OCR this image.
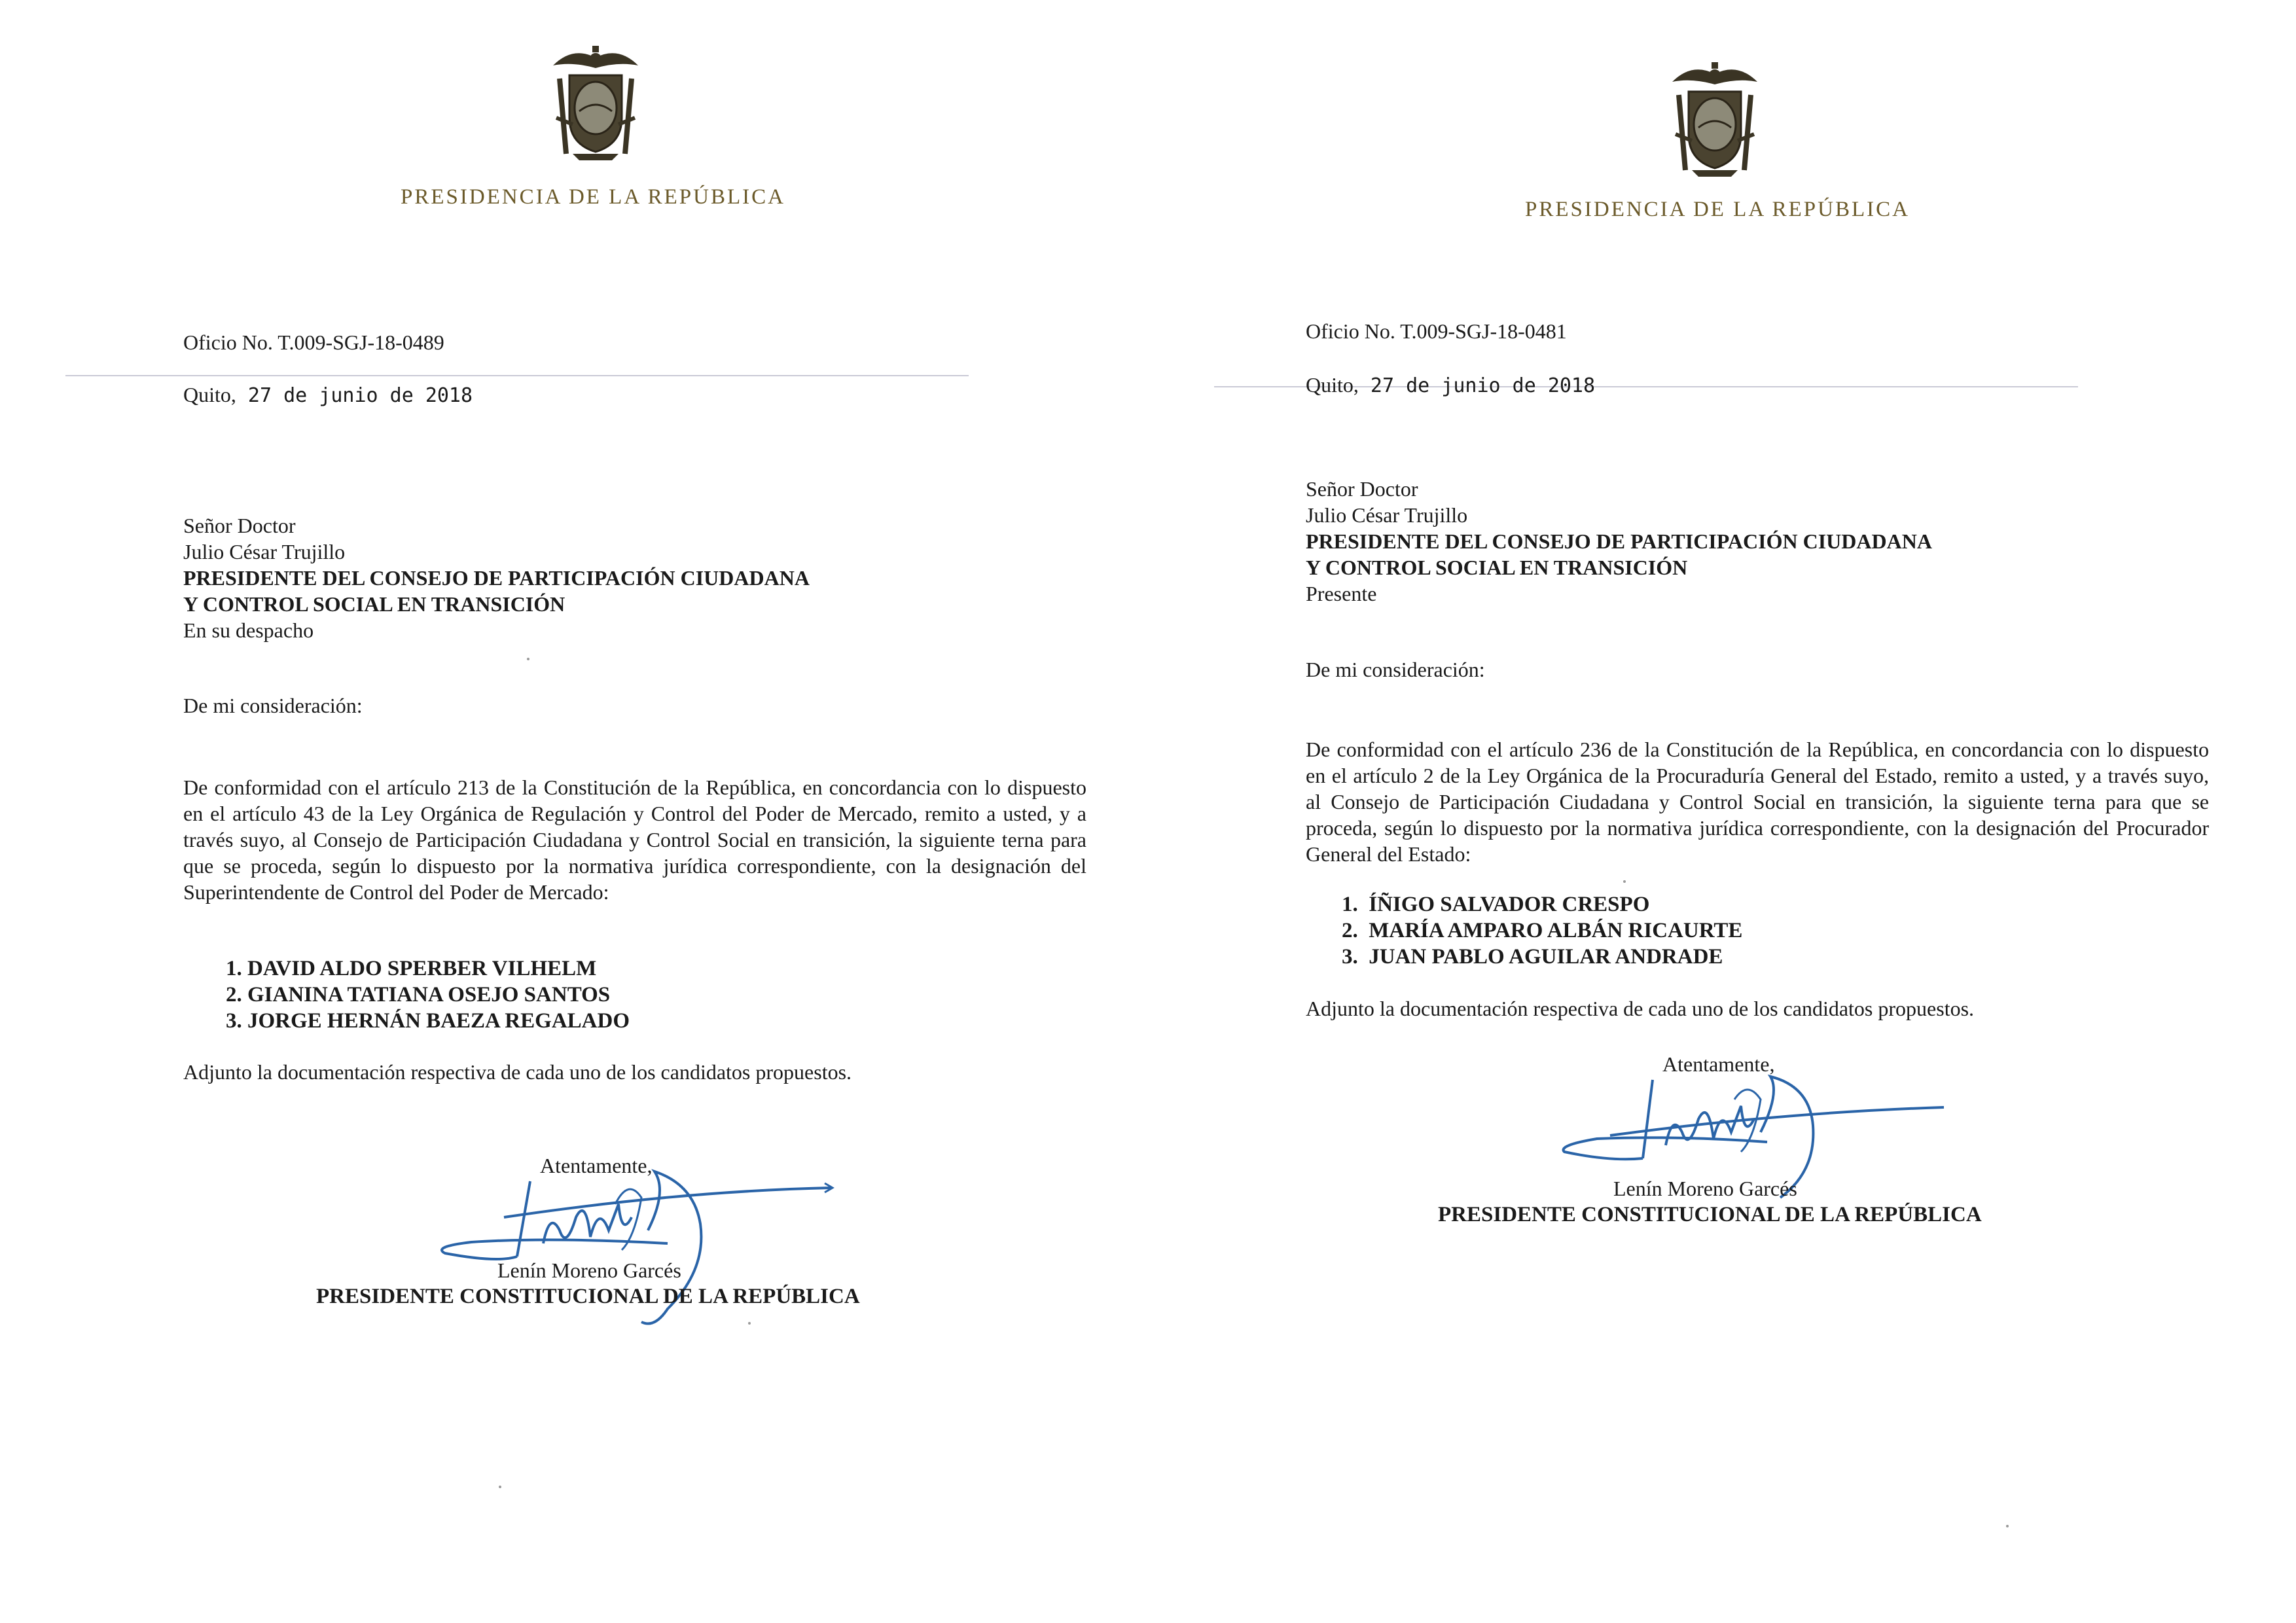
PRESIDENCIA DE LA REPÚBLICA
Oficio No. T.009-SGJ-18-0489
Quito, 27 de junio de 2018
Señor Doctor
Julio César Trujillo
PRESIDENTE DEL CONSEJO DE PARTICIPACIÓN CIUDADANA
Y CONTROL SOCIAL EN TRANSICIÓN
En su despacho
De mi consideración:
De conformidad con el artículo 213 de la Constitución de la República, en concordancia con lo dispuesto en el artículo 43 de la Ley Orgánica de Regulación y Control del Poder de Mercado, remito a usted, y a través suyo, al Consejo de Participación Ciudadana y Control Social en transición, la siguiente terna para que se proceda, según lo dispuesto por la normativa jurídica correspondiente, con la designación del Superintendente de Control del Poder de Mercado:
1. DAVID ALDO SPERBER VILHELM
2. GIANINA TATIANA OSEJO SANTOS
3. JORGE HERNÁN BAEZA REGALADO
Adjunto la documentación respectiva de cada uno de los candidatos propuestos.
Atentamente,
Lenín Moreno Garcés
PRESIDENTE CONSTITUCIONAL DE LA REPÚBLICA
PRESIDENCIA DE LA REPÚBLICA
Oficio No. T.009-SGJ-18-0481
Quito, 27 de junio de 2018
Señor Doctor
Julio César Trujillo
PRESIDENTE DEL CONSEJO DE PARTICIPACIÓN CIUDADANA
Y CONTROL SOCIAL EN TRANSICIÓN
Presente
De mi consideración:
De conformidad con el artículo 236 de la Constitución de la República, en concordancia con lo dispuesto en el artículo 2 de la Ley Orgánica de la Procuraduría General del Estado, remito a usted, y a través suyo, al Consejo de Participación Ciudadana y Control Social en transición, la siguiente terna para que se proceda, según lo dispuesto por la normativa jurídica correspondiente, con la designación del Procurador General del Estado:
1. ÍÑIGO SALVADOR CRESPO
2. MARÍA AMPARO ALBÁN RICAURTE
3. JUAN PABLO AGUILAR ANDRADE
Adjunto la documentación respectiva de cada uno de los candidatos propuestos.
Atentamente,
Lenín Moreno Garcés
PRESIDENTE CONSTITUCIONAL DE LA REPÚBLICA
